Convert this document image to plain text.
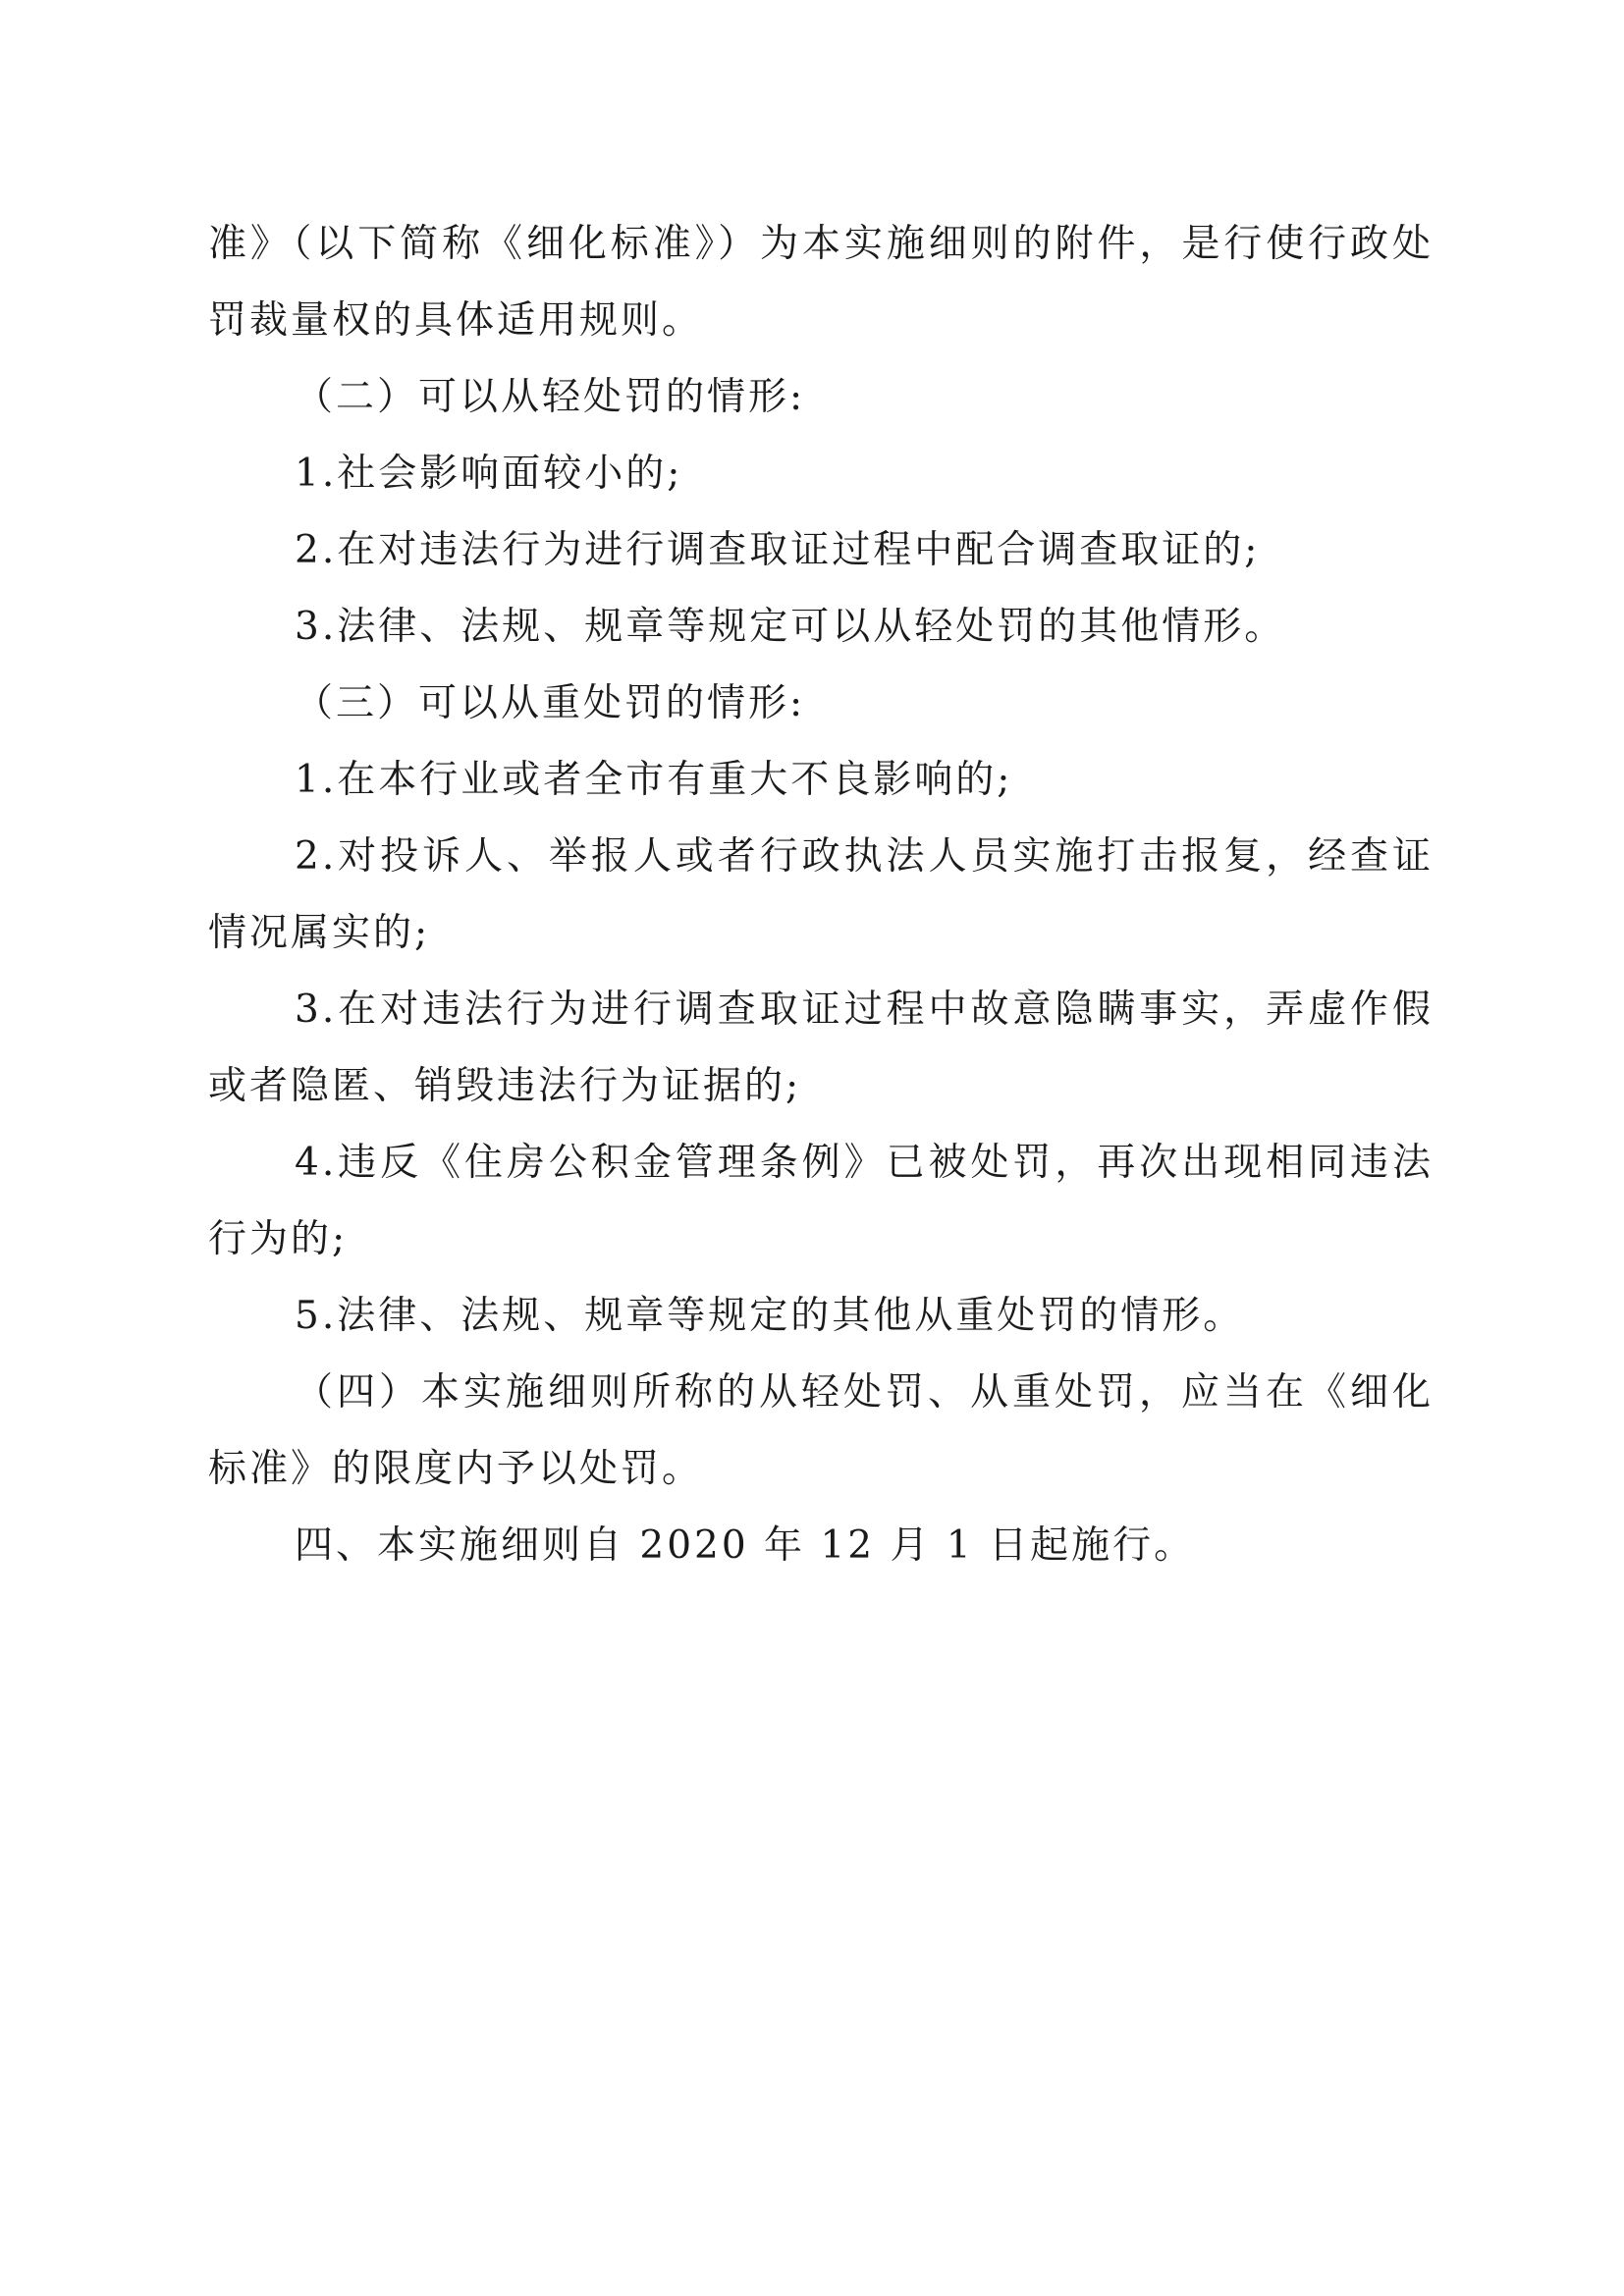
准》（以下简称《细化标准》）为本实施细则的附件，是行使行政处罚裁量权的具体适用规则。

（二）可以从轻处罚的情形:

1.社会影响面较小的;

2.在对违法行为进行调查取证过程中配合调查取证的;

3.法律、法规、规章等规定可以从轻处罚的其他情形。

（三）可以从重处罚的情形:

1.在本行业或者全市有重大不良影响的;

2.对投诉人、举报人或者行政执法人员实施打击报复，经查证情况属实的;

3.在对违法行为进行调查取证过程中故意隐瞒事实，弄虚作假或者隐匿、销毁违法行为证据的;

4.违反《住房公积金管理条例》已被处罚，再次出现相同违法行为的;

5.法律、法规、规章等规定的其他从重处罚的情形。

（四）本实施细则所称的从轻处罚、从重处罚，应当在《细化标准》的限度内予以处罚。

四、本实施细则自 2020 年 12 月 1 日起施行。
